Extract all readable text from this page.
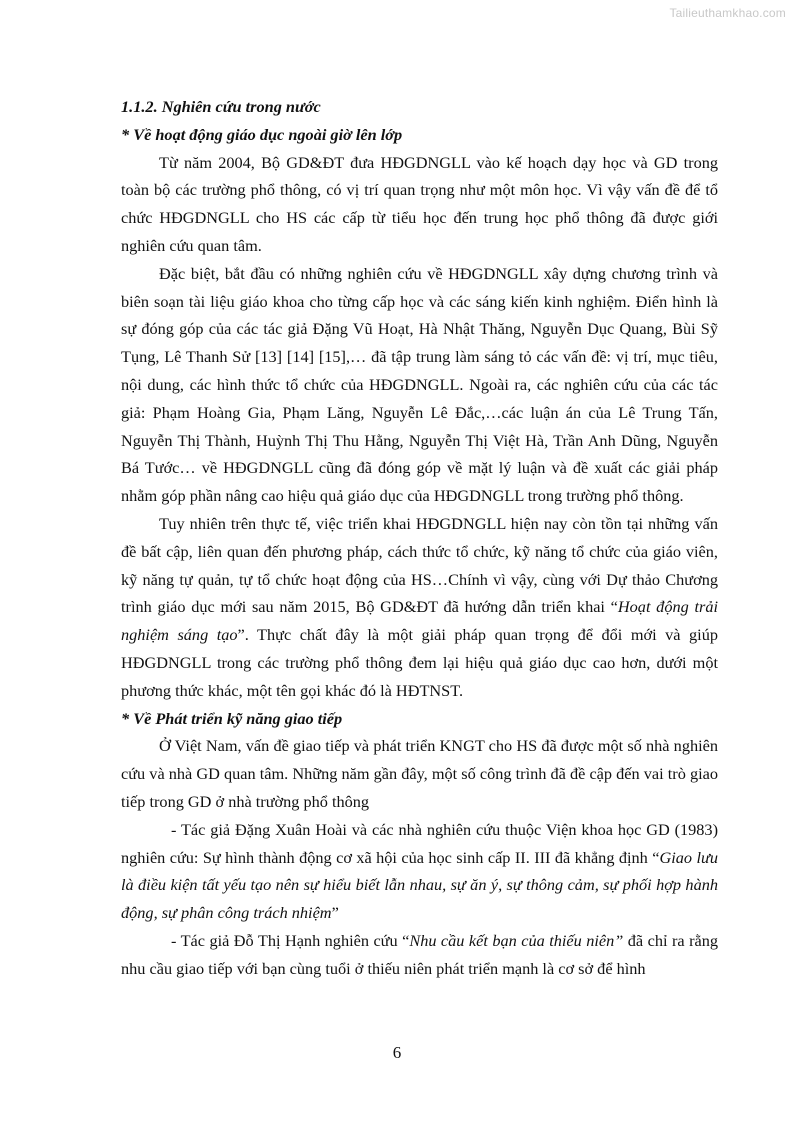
Tailieuthamkhao.com

1.1.2. Nghiên cứu trong nước

* Về hoạt động giáo dục ngoài giờ lên lớp

Từ năm 2004, Bộ GD&ĐT đưa HĐGDNGLL vào kế hoạch dạy học và GD trong toàn bộ các trường phổ thông, có vị trí quan trọng như một môn học. Vì vậy vấn đề để tổ chức HĐGDNGLL cho HS các cấp từ tiểu học đến trung học phổ thông đã được giới nghiên cứu quan tâm.

Đặc biệt, bắt đầu có những nghiên cứu về HĐGDNGLL xây dựng chương trình và biên soạn tài liệu giáo khoa cho từng cấp học và các sáng kiến kinh nghiệm. Điển hình là sự đóng góp của các tác giả Đặng Vũ Hoạt, Hà Nhật Thăng, Nguyễn Dục Quang, Bùi Sỹ Tụng, Lê Thanh Sử [13] [14] [15],… đã tập trung làm sáng tỏ các vấn đề: vị trí, mục tiêu, nội dung, các hình thức tổ chức của HĐGDNGLL. Ngoài ra, các nghiên cứu của các tác giả: Phạm Hoàng Gia, Phạm Lăng, Nguyễn Lê Đắc,…các luận án của Lê Trung Tấn, Nguyễn Thị Thành, Huỳnh Thị Thu Hằng, Nguyễn Thị Việt Hà, Trần Anh Dũng, Nguyễn Bá Tước… về HĐGDNGLL cũng đã đóng góp về mặt lý luận và đề xuất các giải pháp nhằm góp phần nâng cao hiệu quả giáo dục của HĐGDNGLL trong trường phổ thông.

Tuy nhiên trên thực tế, việc triển khai HĐGDNGLL hiện nay còn tồn tại những vấn đề bất cập, liên quan đến phương pháp, cách thức tổ chức, kỹ năng tổ chức của giáo viên, kỹ năng tự quản, tự tổ chức hoạt động của HS…Chính vì vậy, cùng với Dự thảo Chương trình giáo dục mới sau năm 2015, Bộ GD&ĐT đã hướng dẫn triển khai “Hoạt động trải nghiệm sáng tạo”. Thực chất đây là một giải pháp quan trọng để đổi mới và giúp HĐGDNGLL trong các trường phổ thông đem lại hiệu quả giáo dục cao hơn, dưới một phương thức khác, một tên gọi khác đó là HĐTNST.

* Về Phát triển kỹ năng giao tiếp

Ở Việt Nam, vấn đề giao tiếp và phát triển KNGT cho HS đã được một số nhà nghiên cứu và nhà GD quan tâm. Những năm gần đây, một số công trình đã đề cập đến vai trò giao tiếp trong GD ở nhà trường phổ thông

- Tác giả Đặng Xuân Hoài và các nhà nghiên cứu thuộc Viện khoa học GD (1983) nghiên cứu: Sự hình thành động cơ xã hội của học sinh cấp II. III đã khẳng định “Giao lưu là điều kiện tất yếu tạo nên sự hiểu biết lẫn nhau, sự ăn ý, sự thông cảm, sự phối hợp hành động, sự phân công trách nhiệm”

- Tác giả Đỗ Thị Hạnh nghiên cứu “Nhu cầu kết bạn của thiếu niên” đã chỉ ra rằng nhu cầu giao tiếp với bạn cùng tuổi ở thiếu niên phát triển mạnh là cơ sở để hình

6
